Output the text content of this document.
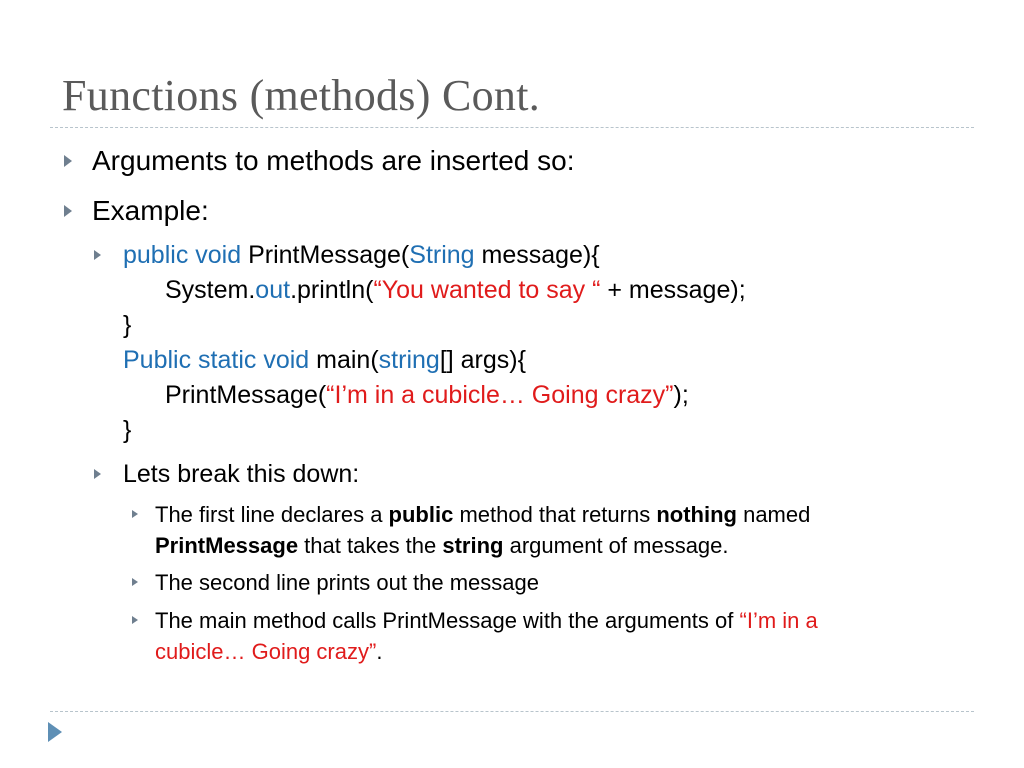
Functions (methods) Cont.
Arguments to methods are inserted so:
Example:
public void PrintMessage(String message){
System.out.println(“You wanted to say “ + message);
}
Public static void main(string[] args){
PrintMessage(“I’m in a cubicle… Going crazy”);
}
Lets break this down:
The first line declares a public method that returns nothing named
PrintMessage that takes the string argument of message.
The second line prints out the message
The main method calls PrintMessage with the arguments of “I’m in a
cubicle… Going crazy”.
